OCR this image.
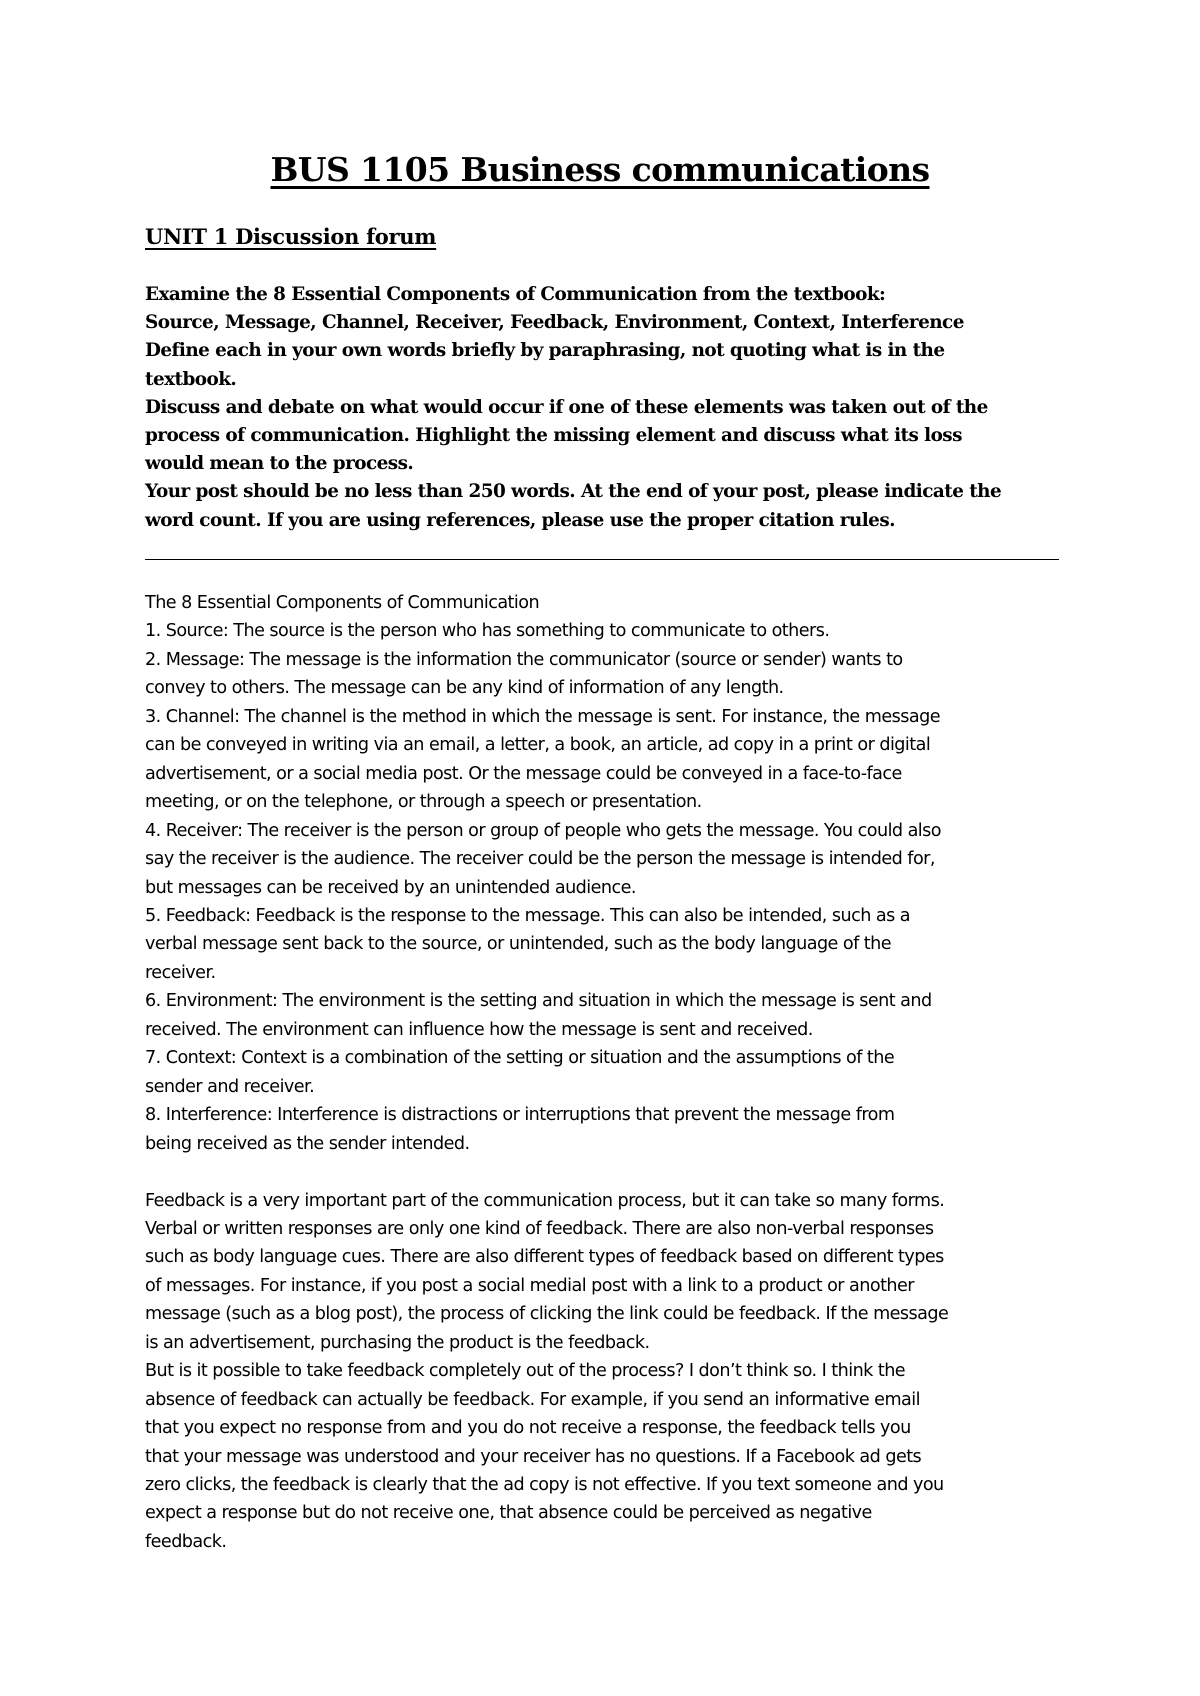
BUS 1105 Business communications
UNIT 1 Discussion forum

Examine the 8 Essential Components of Communication from the textbook:

Source, Message, Channel, Receiver, Feedback, Environment, Context, Interference

Define each in your own words briefly by paraphrasing, not quoting what is in the

textbook.

Discuss and debate on what would occur if one of these elements was taken out of the

process of communication. Highlight the missing element and discuss what its loss

would mean to the process.

Your post should be no less than 250 words. At the end of your post, please indicate the

word count. If you are using references, please use the proper citation rules.

The 8 Essential Components of Communication

1. Source: The source is the person who has something to communicate to others.

2. Message: The message is the information the communicator (source or sender) wants to

convey to others. The message can be any kind of information of any length.

3. Channel: The channel is the method in which the message is sent. For instance, the message

can be conveyed in writing via an email, a letter, a book, an article, ad copy in a print or digital

advertisement, or a social media post. Or the message could be conveyed in a face-to-face

meeting, or on the telephone, or through a speech or presentation.

4. Receiver: The receiver is the person or group of people who gets the message. You could also

say the receiver is the audience. The receiver could be the person the message is intended for,

but messages can be received by an unintended audience.

5. Feedback: Feedback is the response to the message. This can also be intended, such as a

verbal message sent back to the source, or unintended, such as the body language of the

receiver.

6. Environment: The environment is the setting and situation in which the message is sent and

received. The environment can influence how the message is sent and received.

7. Context: Context is a combination of the setting or situation and the assumptions of the

sender and receiver.

8. Interference: Interference is distractions or interruptions that prevent the message from

being received as the sender intended.

Feedback is a very important part of the communication process, but it can take so many forms.

Verbal or written responses are only one kind of feedback. There are also non-verbal responses

such as body language cues. There are also different types of feedback based on different types

of messages. For instance, if you post a social medial post with a link to a product or another

message (such as a blog post), the process of clicking the link could be feedback. If the message

is an advertisement, purchasing the product is the feedback.

But is it possible to take feedback completely out of the process? I don’t think so. I think the

absence of feedback can actually be feedback. For example, if you send an informative email

that you expect no response from and you do not receive a response, the feedback tells you

that your message was understood and your receiver has no questions. If a Facebook ad gets

zero clicks, the feedback is clearly that the ad copy is not effective. If you text someone and you

expect a response but do not receive one, that absence could be perceived as negative

feedback.
